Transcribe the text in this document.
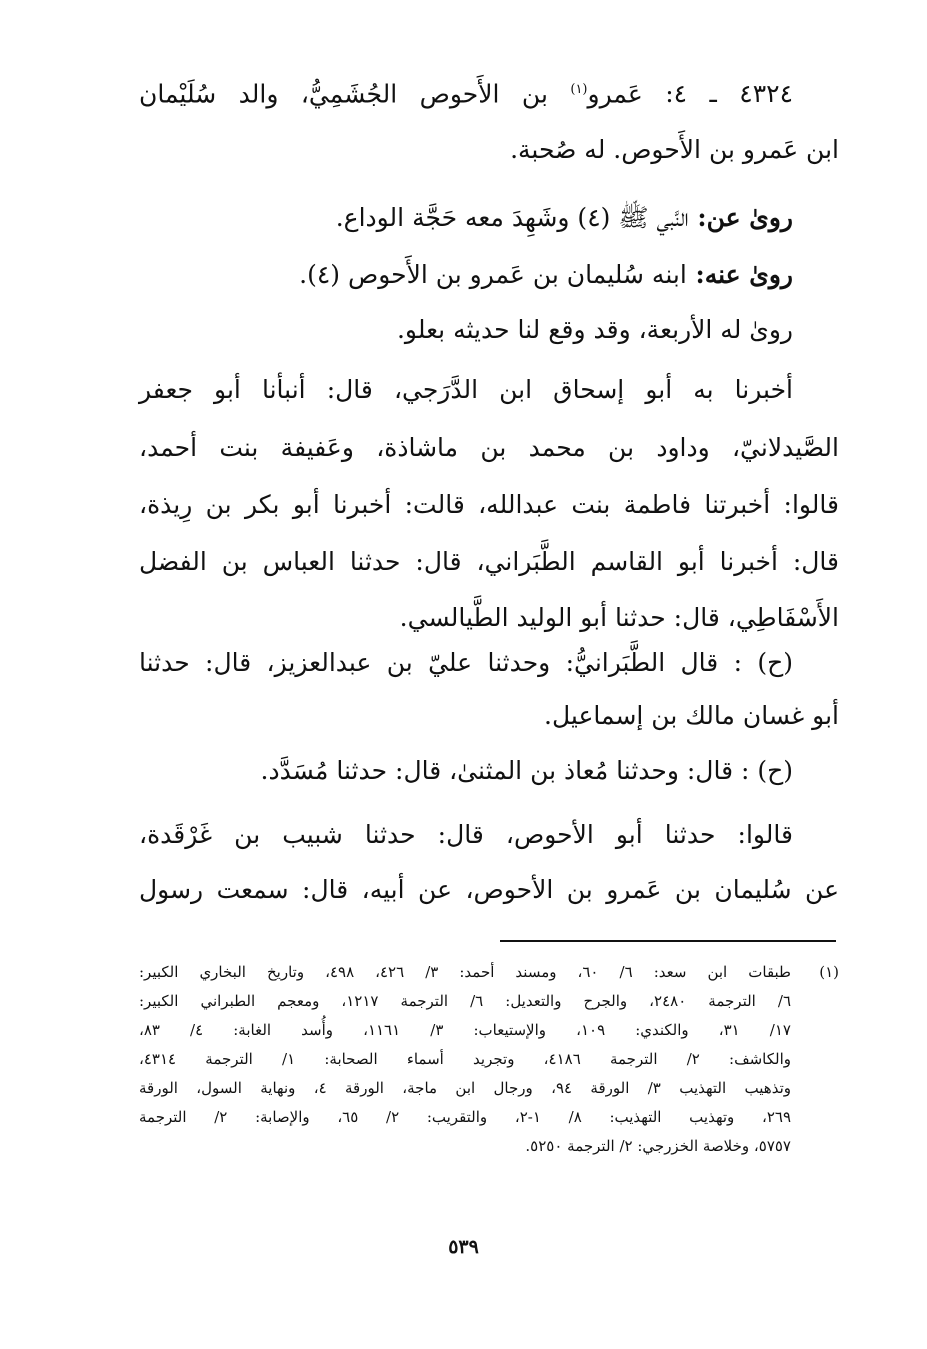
٤٣٢٤ ـ ٤: عَمرو$^{(١)}$ بن الأَحوص الجُشَمِيُّ، والد سُلَيْمان
ابن عَمرو بن الأَحوص. له صُحبة.
روىٰ عن: النَّبي ﷺ (٤) وشَهِدَ معه حَجَّة الوداع.
روىٰ عنه: ابنه سُليمان بن عَمرو بن الأَحوص (٤).
روىٰ له الأربعة، وقد وقع لنا حديثه بعلو.
أخبرنا به أبو إسحاق ابن الدَّرَجي، قال: أنبأنا أبو جعفر
الصَّيدلانيّ، وداود بن محمد بن ماشاذة، وعَفيفة بنت أحمد،
قالوا: أخبرتنا فاطمة بنت عبدالله، قالت: أخبرنا أبو بكر بن رِيذة،
قال: أخبرنا أبو القاسم الطَّبَراني، قال: حدثنا العباس بن الفضل
الأَسْفَاطِي، قال: حدثنا أبو الوليد الطَّيالسي.
(ح) : قال الطَّبَرانيُّ: وحدثنا عليّ بن عبدالعزيز، قال: حدثنا
أبو غسان مالك بن إسماعيل.
(ح) : قال: وحدثنا مُعاذ بن المثنىٰ، قال: حدثنا مُسَدَّد.
قالوا: حدثنا أبو الأحوص، قال: حدثنا شبيب بن غَرْقَدة،
عن سُليمان بن عَمرو بن الأحوص، عن أبيه، قال: سمعت رسول
(١)طبقات ابن سعد: ٦/ ٦٠، ومسند أحمد: ٣/ ٤٢٦، ٤٩٨، وتاريخ البخاري الكبير:
٦/ الترجمة ٢٤٨٠، والجرح والتعديل: ٦/ الترجمة ١٢١٧، ومعجم الطبراني الكبير:
١٧/ ٣١، والكندي: ١٠٩، والإستيعاب: ٣/ ١١٦١، وأُسد الغابة: ٤/ ٨٣،
والكاشف: ٢/ الترجمة ٤١٨٦، وتجريد أسماء الصحابة: ١/ الترجمة ٤٣١٤،
وتذهيب التهذيب ٣/ الورقة ٩٤، ورجال ابن ماجة، الورقة ٤، ونهاية السول، الورقة
٢٦٩، وتهذيب التهذيب: ٨/ ١-٢، والتقريب: ٢/ ٦٥، والإصابة: ٢/ الترجمة
٥٧٥٧، وخلاصة الخزرجي: ٢/ الترجمة ٥٢٥٠.
٥٣٩
